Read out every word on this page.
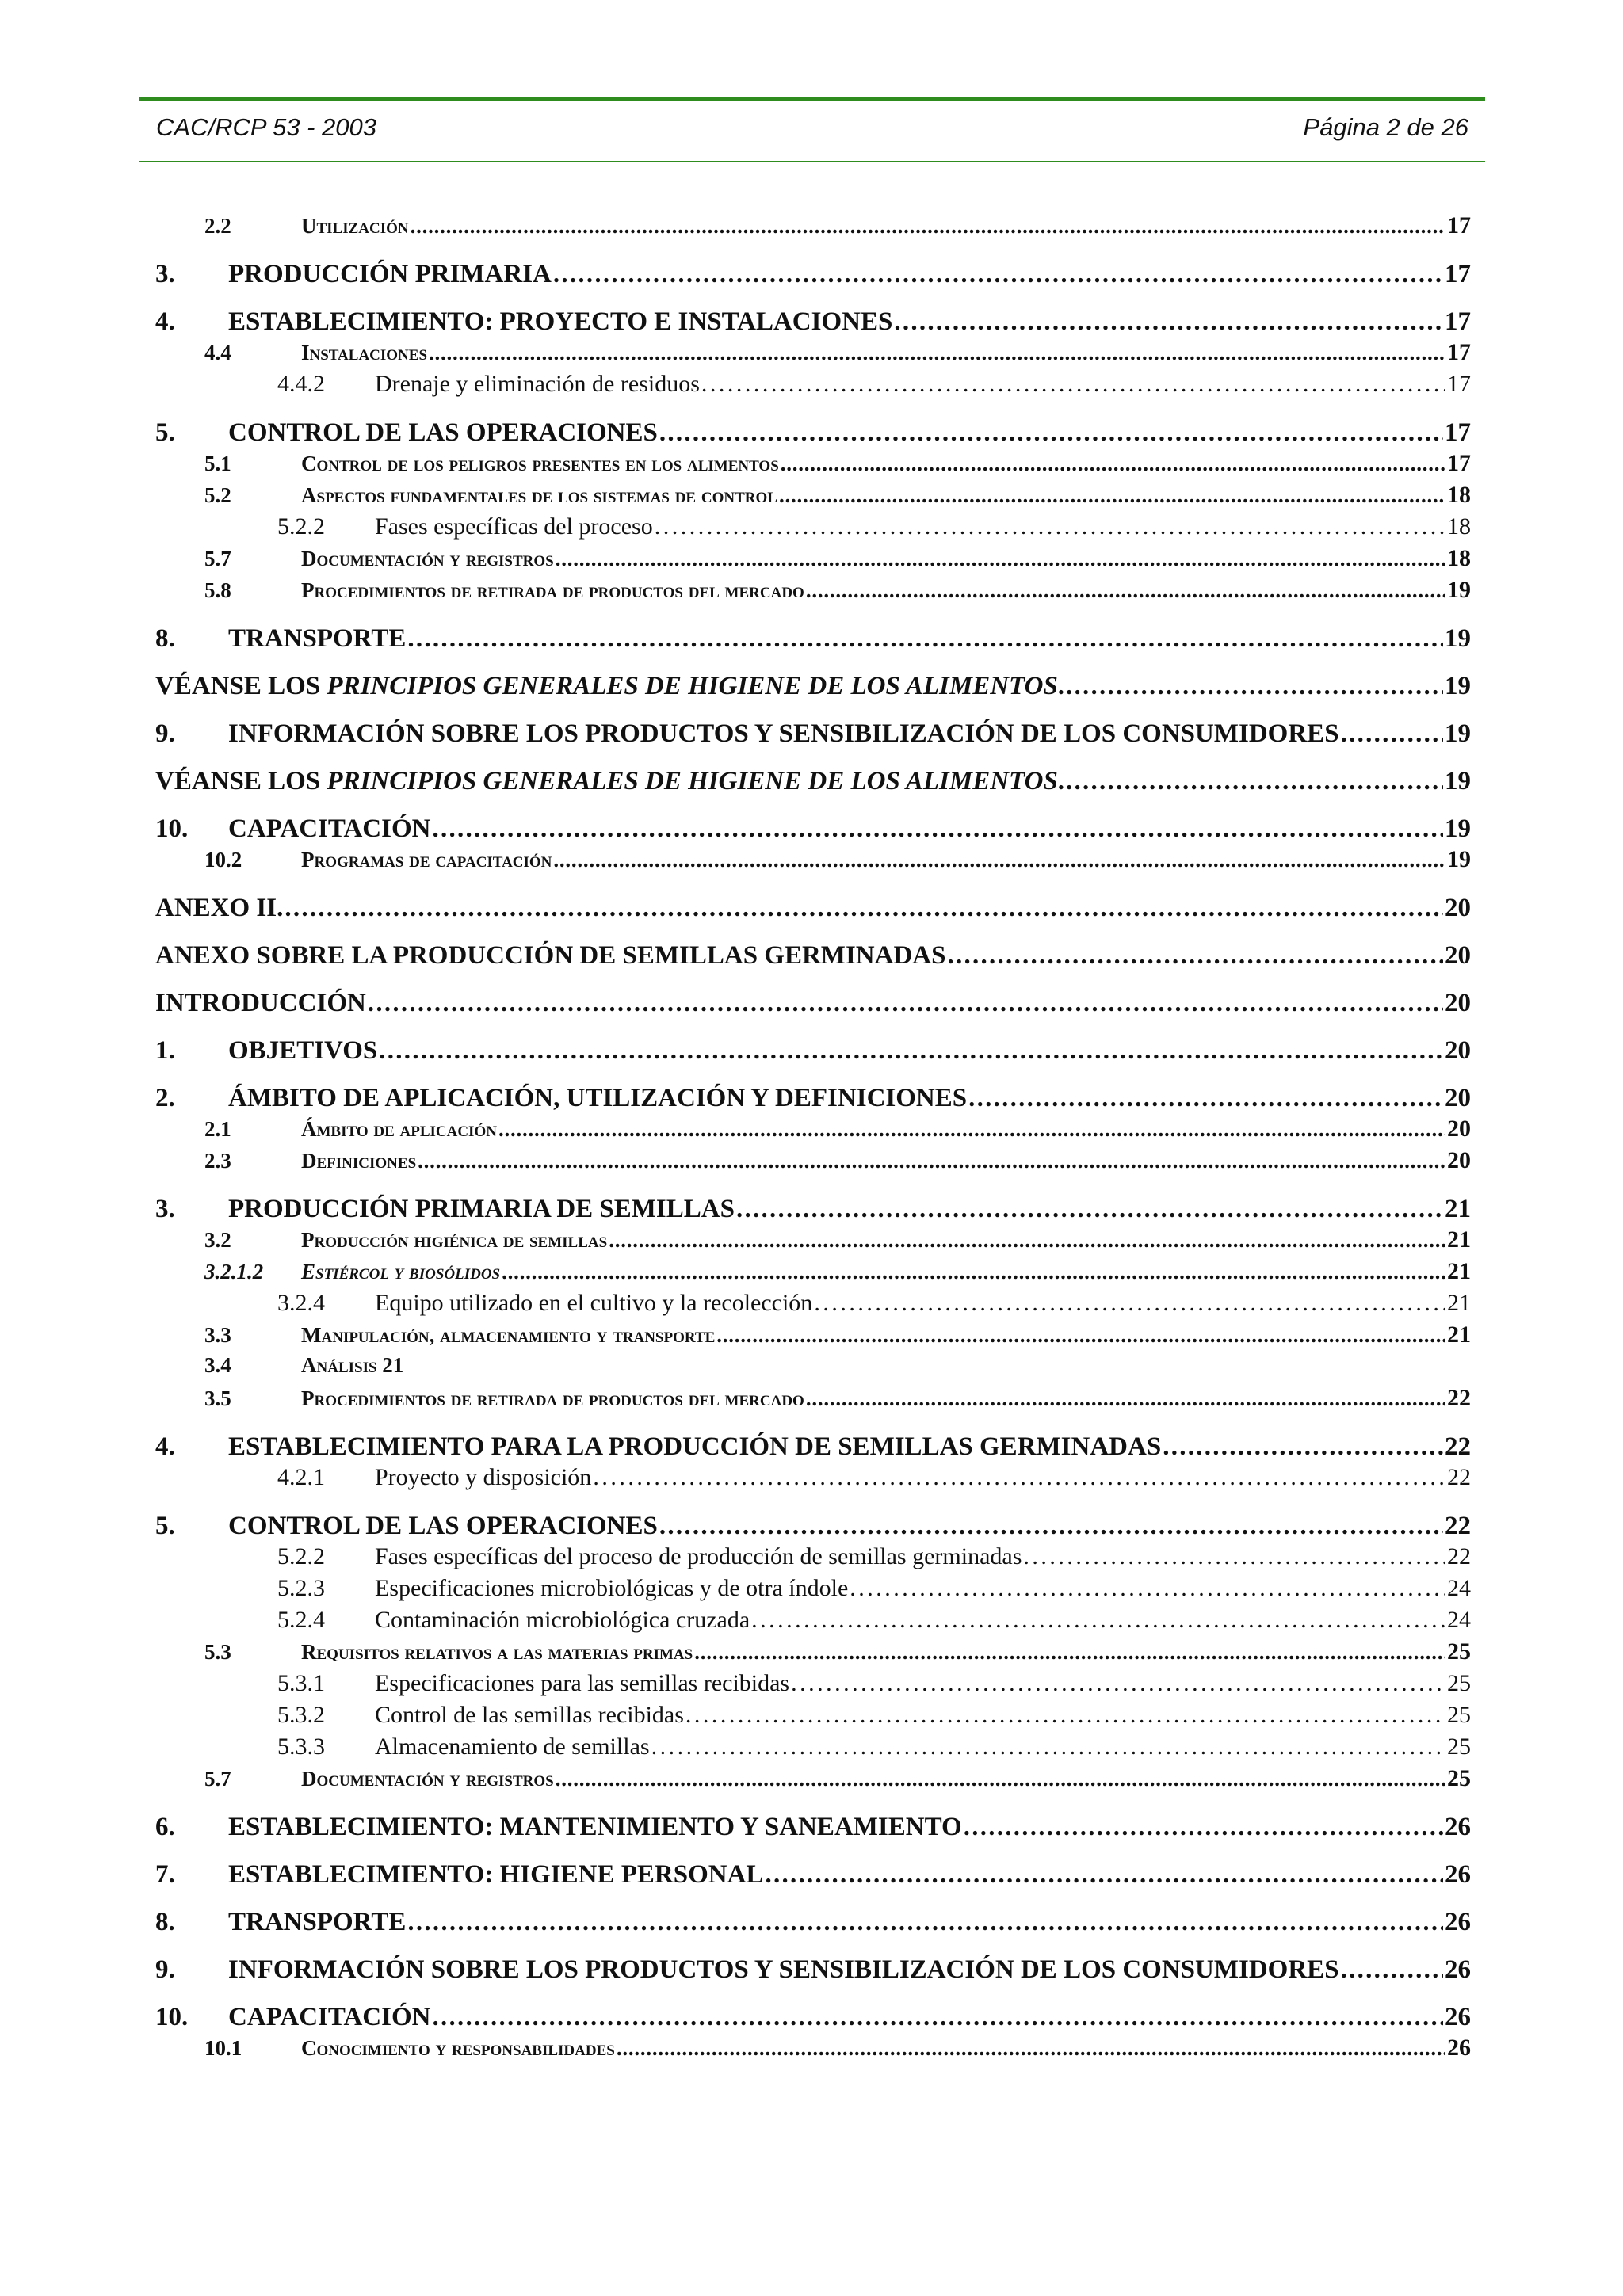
CAC/RCP 53 - 2003	Página 2 de 26
2.2	Utilización . . .	17
3.	PRODUCCIÓN PRIMARIA . . .	17
4.	ESTABLECIMIENTO: PROYECTO E INSTALACIONES . . .	17
4.4	Instalaciones . . .	17
4.4.2	Drenaje y eliminación de residuos . . .	17
5.	CONTROL DE LAS OPERACIONES . . .	17
5.1	Control de los peligros presentes en los alimentos . . .	17
5.2	Aspectos fundamentales de los sistemas de control . . .	18
5.2.2	Fases específicas del proceso . . .	18
5.7	Documentación y registros . . .	18
5.8	Procedimientos de retirada de productos del mercado . . .	19
8.	TRANSPORTE . . .	19
VÉANSE LOS PRINCIPIOS GENERALES DE HIGIENE DE LOS ALIMENTOS. . . .	19
9.	INFORMACIÓN SOBRE LOS PRODUCTOS Y SENSIBILIZACIÓN DE LOS CONSUMIDORES . . .	19
VÉANSE LOS PRINCIPIOS GENERALES DE HIGIENE DE LOS ALIMENTOS. . . .	19
10.	CAPACITACIÓN . . .	19
10.2	Programas de capacitación . . .	19
ANEXO II. . . .	20
ANEXO SOBRE LA PRODUCCIÓN DE SEMILLAS GERMINADAS . . .	20
INTRODUCCIÓN . . .	20
1.	OBJETIVOS . . .	20
2.	ÁMBITO DE APLICACIÓN, UTILIZACIÓN Y DEFINICIONES . . .	20
2.1	Ámbito de aplicación . . .	20
2.3	Definiciones . . .	20
3.	PRODUCCIÓN PRIMARIA DE SEMILLAS . . .	21
3.2	Producción higiénica de semillas . . .	21
3.2.1.2	Estiércol y biosólidos . . .	21
3.2.4	Equipo utilizado en el cultivo y la recolección . . .	21
3.3	Manipulación, almacenamiento y transporte . . .	21
3.4	Análisis 21
3.5	Procedimientos de retirada de productos del mercado . . .	22
4.	ESTABLECIMIENTO PARA LA PRODUCCIÓN DE SEMILLAS GERMINADAS . . .	22
4.2.1	Proyecto y disposición . . .	22
5.	CONTROL DE LAS OPERACIONES . . .	22
5.2.2	Fases específicas del proceso de producción de semillas germinadas . . .	22
5.2.3	Especificaciones microbiológicas y de otra índole . . .	24
5.2.4	Contaminación microbiológica cruzada . . .	24
5.3	Requisitos relativos a las materias primas . . .	25
5.3.1	Especificaciones para las semillas recibidas . . .	25
5.3.2	Control de las semillas recibidas . . .	25
5.3.3	Almacenamiento de semillas . . .	25
5.7	Documentación y registros . . .	25
6.	ESTABLECIMIENTO: MANTENIMIENTO Y SANEAMIENTO . . .	26
7.	ESTABLECIMIENTO: HIGIENE PERSONAL . . .	26
8.	TRANSPORTE . . .	26
9.	INFORMACIÓN SOBRE LOS PRODUCTOS Y SENSIBILIZACIÓN DE LOS CONSUMIDORES . . .	26
10.	CAPACITACIÓN . . .	26
10.1	Conocimiento y responsabilidades . . .	26
